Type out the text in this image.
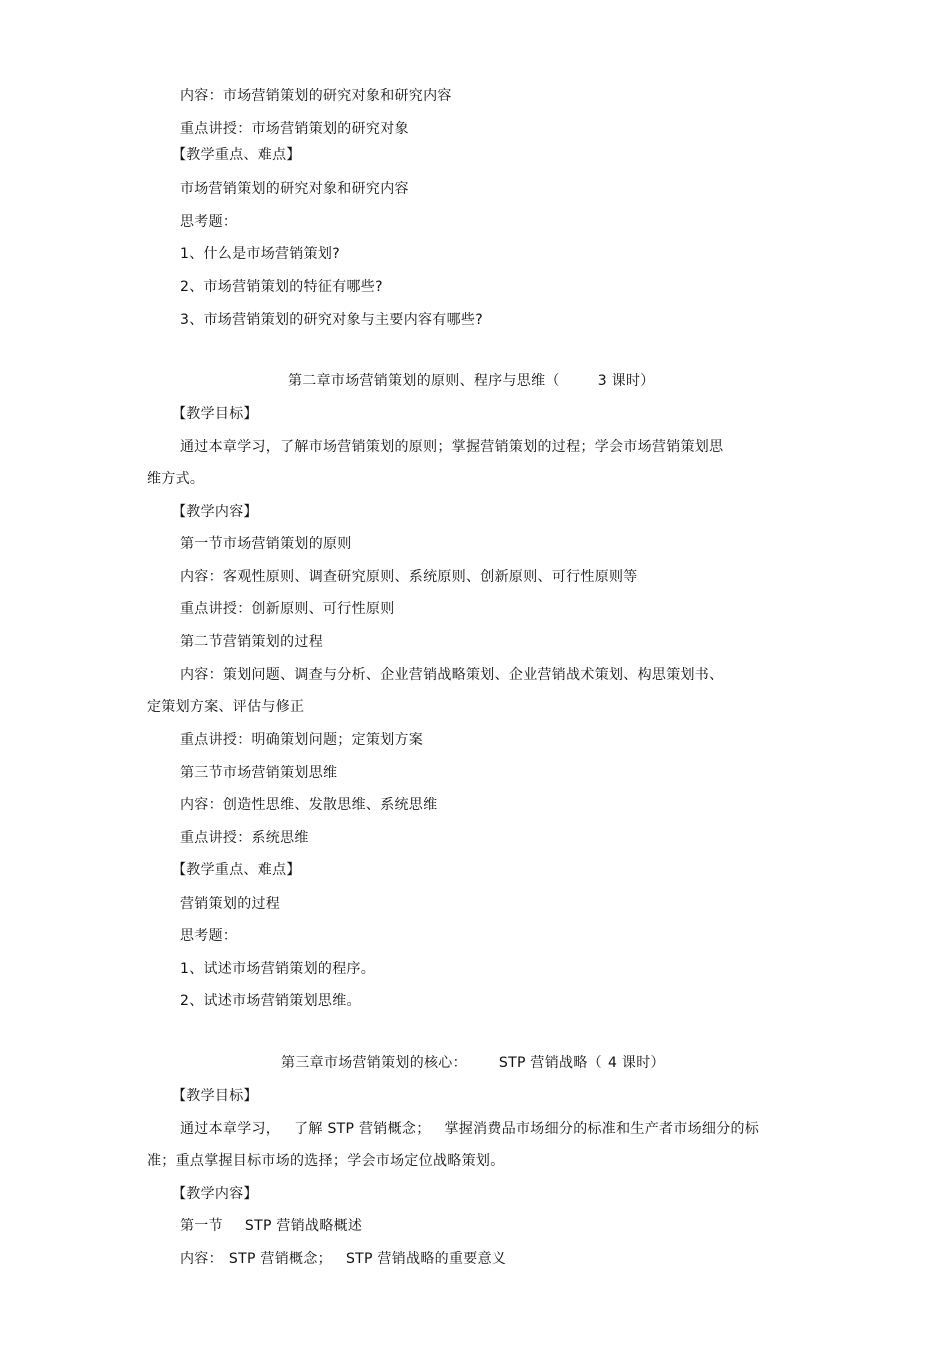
内容：市场营销策划的研究对象和研究内容
重点讲授：市场营销策划的研究对象
【教学重点、难点】
市场营销策划的研究对象和研究内容
思考题：
1、什么是市场营销策划?
2、市场营销策划的特征有哪些?
3、市场营销策划的研究对象与主要内容有哪些?
第二章市场营销策划的原则、程序与思维（	3 课时）
【教学目标】
通过本章学习，了解市场营销策划的原则；掌握营销策划的过程；学会市场营销策划思
维方式。
【教学内容】
第一节市场营销策划的原则
内容：客观性原则、调查研究原则、系统原则、创新原则、可行性原则等
重点讲授：创新原则、可行性原则
第二节营销策划的过程
内容：策划问题、调查与分析、企业营销战略策划、企业营销战术策划、构思策划书、
定策划方案、评估与修正
重点讲授：明确策划问题；定策划方案
第三节市场营销策划思维
内容：创造性思维、发散思维、系统思维
重点讲授：系统思维
【教学重点、难点】
营销策划的过程
思考题：
1、试述市场营销策划的程序。
2、试述市场营销策划思维。
第三章市场营销策划的核心： STP 营销战略（ 4 课时）
【教学目标】
通过本章学习， 了解 STP 营销概念； 掌握消费品市场细分的标准和生产者市场细分的标
准；重点掌握目标市场的选择；学会市场定位战略策划。
【教学内容】
第一节 STP 营销战略概述
内容： STP 营销概念； STP 营销战略的重要意义
